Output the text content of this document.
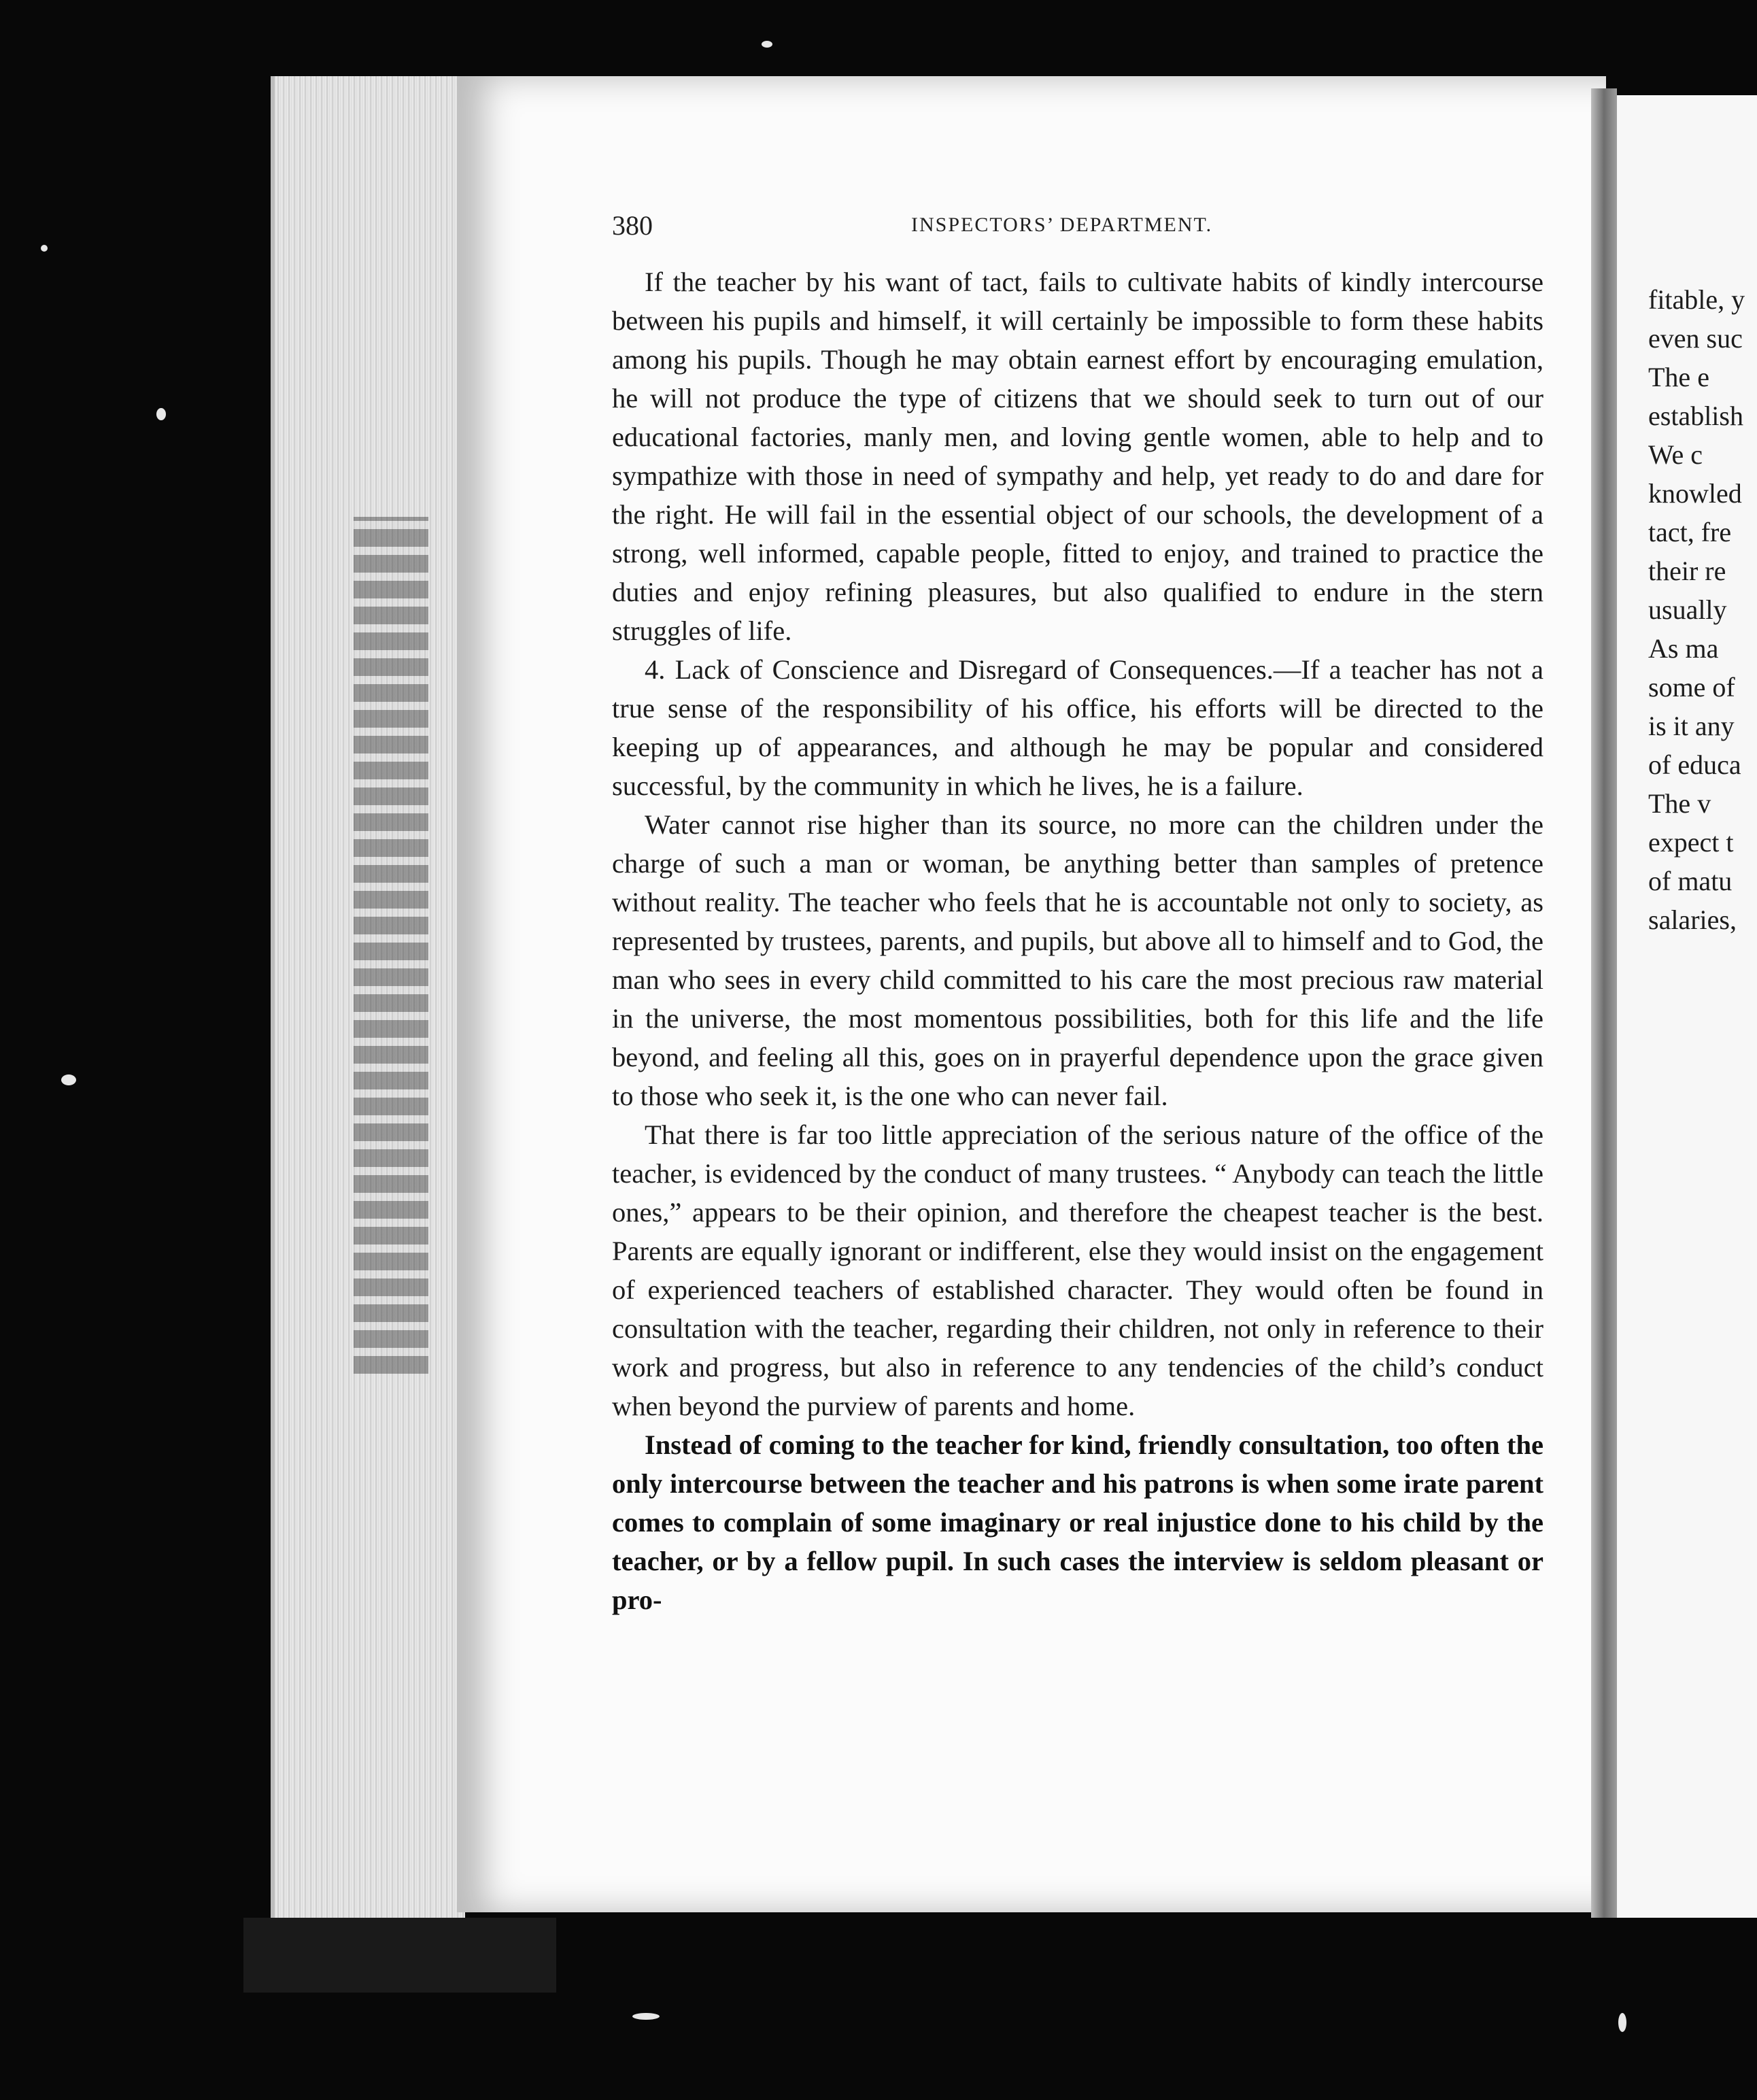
380	INSPECTORS’ DEPARTMENT.

If the teacher by his want of tact, fails to cultivate habits of kindly intercourse between his pupils and himself, it will certainly be impossible to form these habits among his pupils. Though he may obtain earnest effort by encouraging emulation, he will not produce the type of citizens that we should seek to turn out of our educational factories, manly men, and loving gentle women, able to help and to sympathize with those in need of sympathy and help, yet ready to do and dare for the right. He will fail in the essential object of our schools, the development of a strong, well informed, capable people, fitted to enjoy, and trained to practice the duties and enjoy refining pleasures, but also qualified to endure in the stern struggles of life.

4. Lack of Conscience and Disregard of Consequences.—If a teacher has not a true sense of the responsibility of his office, his efforts will be directed to the keeping up of appearances, and although he may be popular and considered successful, by the community in which he lives, he is a failure.

Water cannot rise higher than its source, no more can the children under the charge of such a man or woman, be anything better than samples of pretence without reality. The teacher who feels that he is accountable not only to society, as represented by trustees, parents, and pupils, but above all to himself and to God, the man who sees in every child committed to his care the most precious raw material in the universe, the most momentous possibilities, both for this life and the life beyond, and feeling all this, goes on in prayerful dependence upon the grace given to those who seek it, is the one who can never fail.

That there is far too little appreciation of the serious nature of the office of the teacher, is evidenced by the conduct of many trustees. “ Anybody can teach the little ones,” appears to be their opinion, and therefore the cheapest teacher is the best. Parents are equally ignorant or indifferent, else they would insist on the engagement of experienced teachers of established character. They would often be found in consultation with the teacher, regarding their children, not only in reference to their work and progress, but also in reference to any tendencies of the child’s conduct when beyond the purview of parents and home.

Instead of coming to the teacher for kind, friendly consultation, too often the only intercourse between the teacher and his patrons is when some irate parent comes to complain of some imaginary or real injustice done to his child by the teacher, or by a fellow pupil. In such cases the interview is seldom pleasant or pro-

fitable, y
even suc
The e
establish
We c
knowled
tact, fre
their re
usually
As ma
some of
is it any
of educa
The v
expect t
of matu
salaries,
